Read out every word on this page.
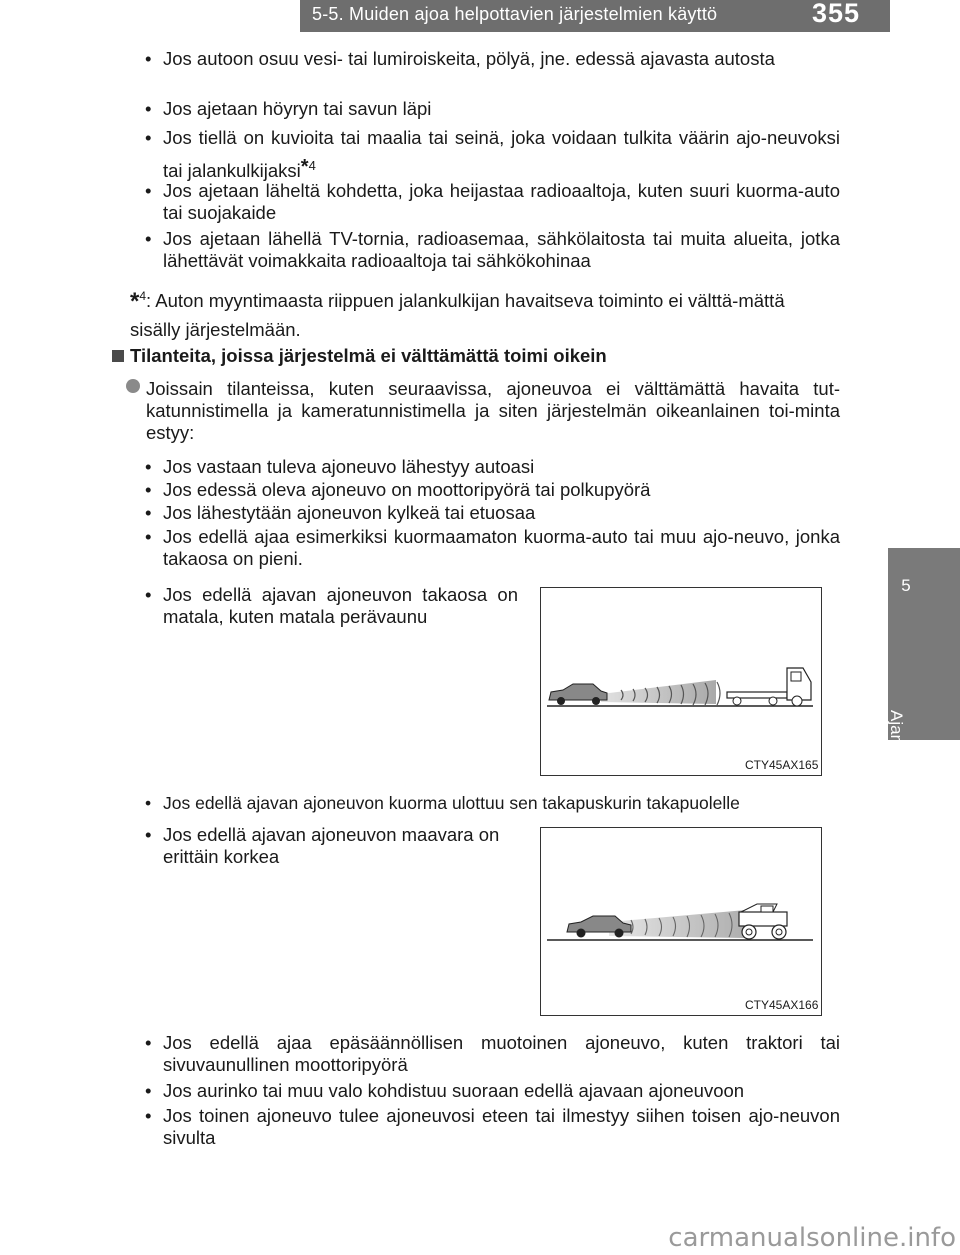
5-5. Muiden ajoa helpottavien järjestelmien käyttö	355
5
Ajaminen
• Jos autoon osuu vesi- tai lumiroiskeita, pölyä, jne. edessä ajavasta autosta
• Jos ajetaan höyryn tai savun läpi
• Jos tiellä on kuvioita tai maalia tai seinä, joka voidaan tulkita väärin ajo-neuvoksi tai jalankulkijaksi*$^4$
• Jos ajetaan läheltä kohdetta, joka heijastaa radioaaltoja, kuten suuri kuorma-auto tai suojakaide
• Jos ajetaan lähellä TV-tornia, radioasemaa, sähkölaitosta tai muita alueita, jotka lähettävät voimakkaita radioaaltoja tai sähkökohinaa
*$^4$: Auton myyntimaasta riippuen jalankulkijan havaitseva toiminto ei välttä-mättä sisälly järjestelmään.
Tilanteita, joissa järjestelmä ei välttämättä toimi oikein
Joissain tilanteissa, kuten seuraavissa, ajoneuvoa ei välttämättä havaita tut-katunnistimella ja kameratunnistimella ja siten järjestelmän oikeanlainen toi-minta estyy:
• Jos vastaan tuleva ajoneuvo lähestyy autoasi
• Jos edessä oleva ajoneuvo on moottoripyörä tai polkupyörä
• Jos lähestytään ajoneuvon kylkeä tai etuosaa
• Jos edellä ajaa esimerkiksi kuormaamaton kuorma-auto tai muu ajo-neuvo, jonka takaosa on pieni.
• Jos edellä ajavan ajoneuvon takaosa on matala, kuten matala perävaunu
CTY45AX165
• Jos edellä ajavan ajoneuvon kuorma ulottuu sen takapuskurin takapuolelle
• Jos edellä ajavan ajoneuvon maavara on erittäin korkea
CTY45AX166
• Jos edellä ajaa epäsäännöllisen muotoinen ajoneuvo, kuten traktori tai sivuvaunullinen moottoripyörä
• Jos aurinko tai muu valo kohdistuu suoraan edellä ajavaan ajoneuvoon
• Jos toinen ajoneuvo tulee ajoneuvosi eteen tai ilmestyy siihen toisen ajo-neuvon sivulta
carmanualsonline.info
